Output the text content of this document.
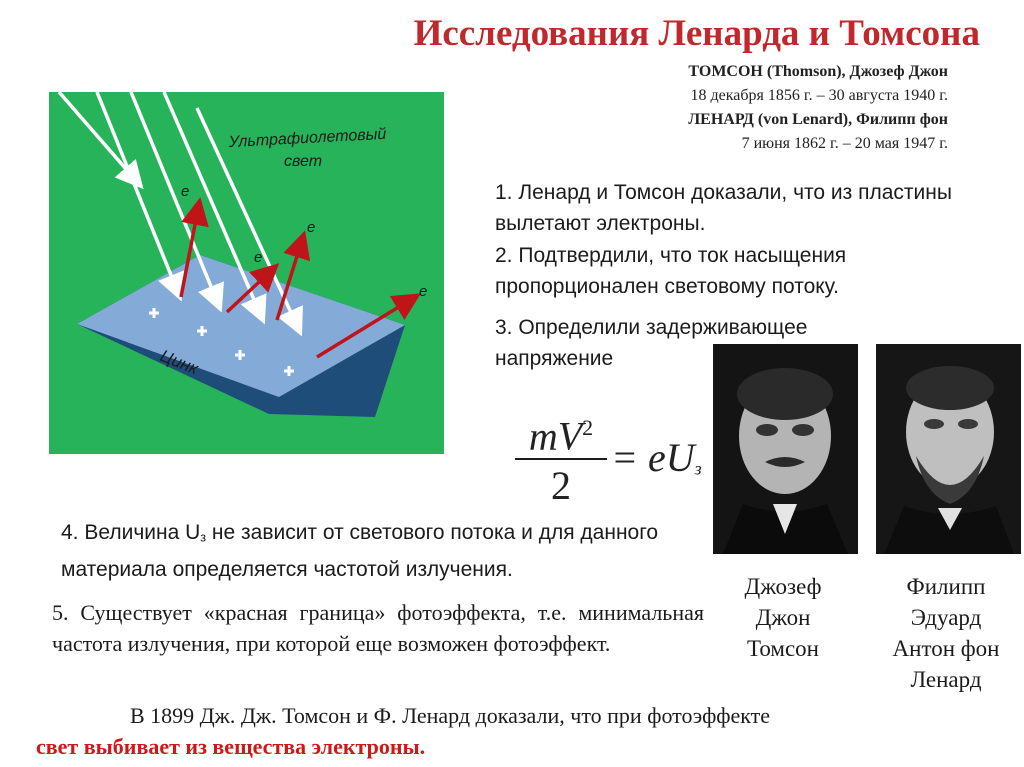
Исследования Ленарда и Томсона
ТОМСОН (Thomson), Джозеф Джон
18 декабря 1856 г. – 30 августа 1940 г.
ЛЕНАРД (von Lenard), Филипп фон
7 июня 1862 г. – 20 мая 1947 г.
Ультрафиолетовый
свет
e
e
e
e
Цинк
1. Ленард и Томсон доказали, что из пластины вылетают электроны.
2. Подтвердили, что ток насыщения пропорционален световому потоку.
3. Определили задерживающее напряжение
$mV^2$
2
= $eU_з$
4. Величина $U_з$ не зависит от светового потока и для данного материала определяется частотой излучения.
5. Существует «красная граница» фотоэффекта, т.е. минимальная частота излучения, при которой еще возможен фотоэффект.
Джозеф
Джон
Томсон
Филипп
Эдуард
Антон фон
Ленард
В 1899 Дж. Дж. Томсон и Ф. Ленард доказали, что при фотоэффекте
свет выбивает из вещества электроны.
